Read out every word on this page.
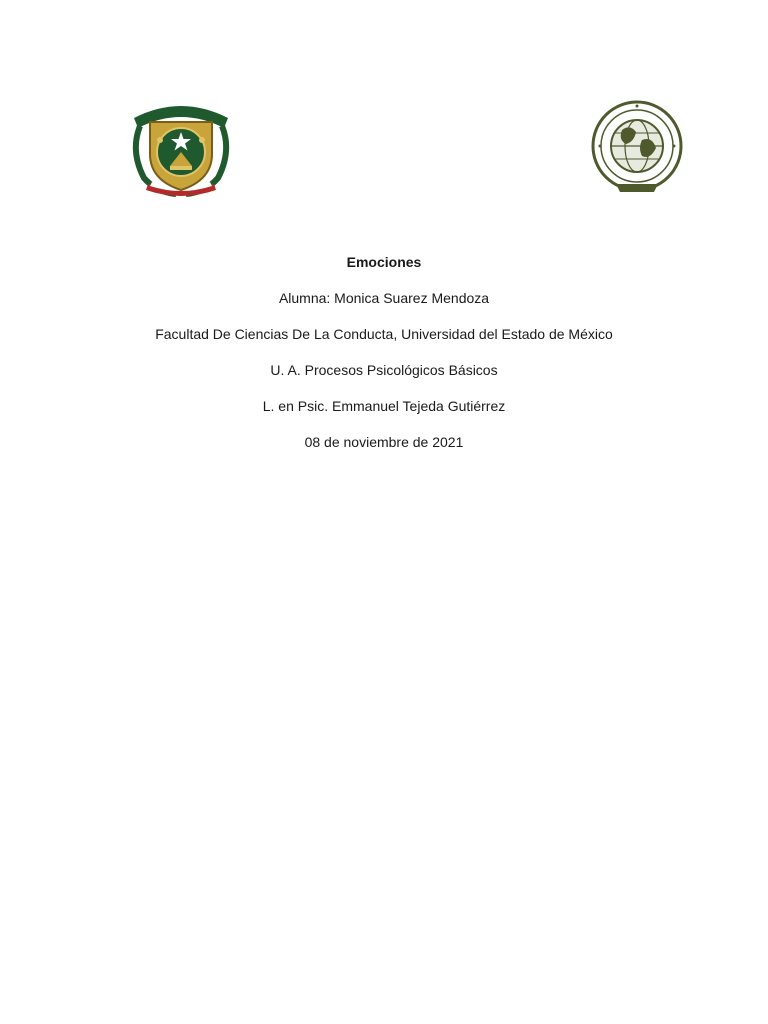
Emociones

Alumna: Monica Suarez Mendoza

Facultad De Ciencias De La Conducta, Universidad del Estado de México

U. A. Procesos Psicológicos Básicos

L. en Psic. Emmanuel Tejeda Gutiérrez

08 de noviembre de 2021
